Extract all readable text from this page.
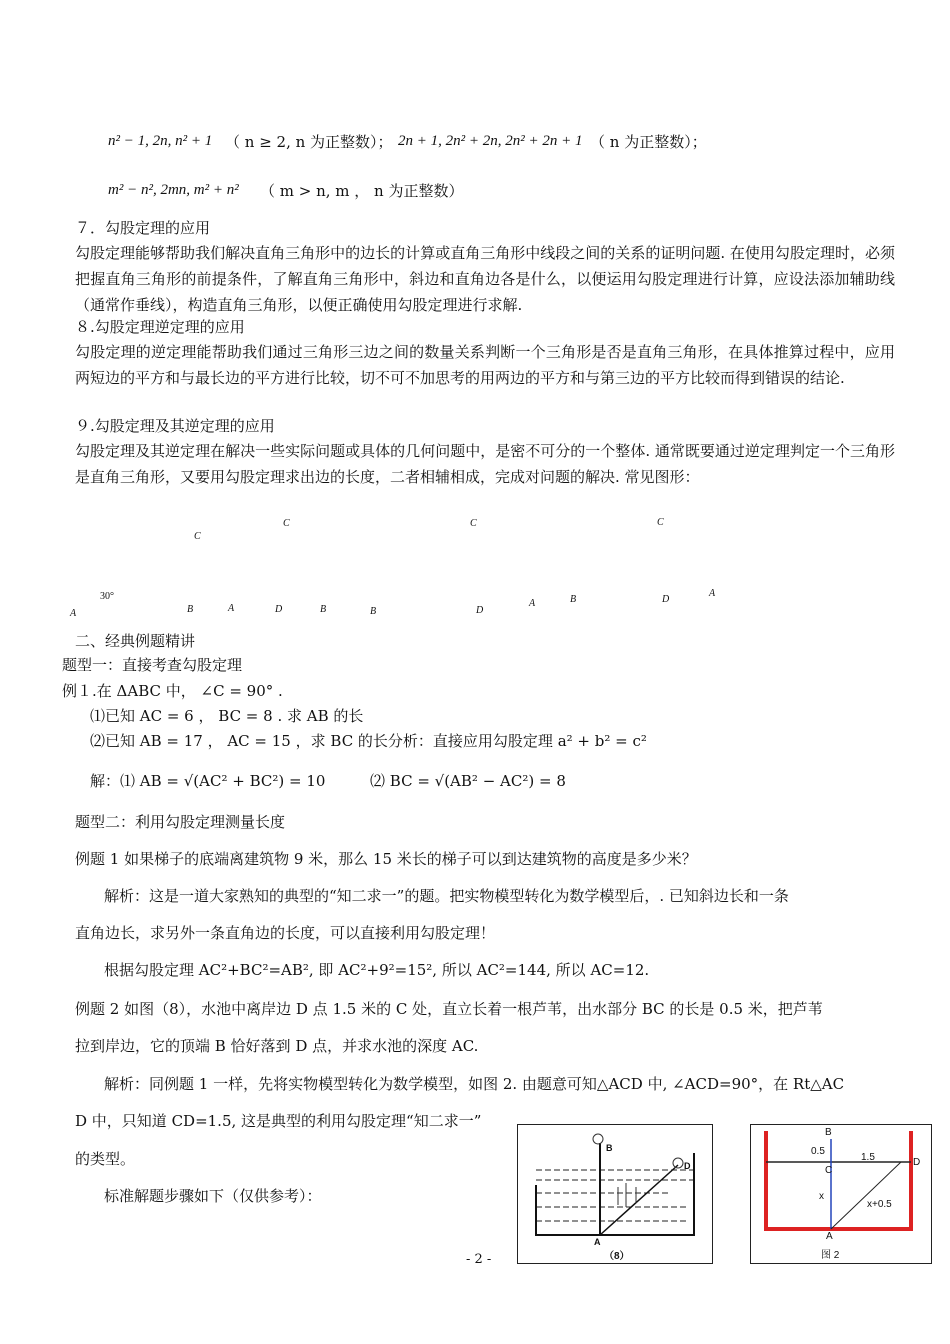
n² − 1, 2n, n² + 1 （ n ≥ 2, n 为正整数）； 2n + 1, 2n² + 2n, 2n² + 2n + 1 （ n 为正整数）；
m² − n², 2mn, m² + n² （ m > n, m ， n 为正整数）
７．勾股定理的应用
勾股定理能够帮助我们解决直角三角形中的边长的计算或直角三角形中线段之间的关系的证明问题. 在使用勾股定理时，必须把握直角三角形的前提条件，了解直角三角形中，斜边和直角边各是什么，以便运用勾股定理进行计算，应设法添加辅助线（通常作垂线），构造直角三角形，以便正确使用勾股定理进行求解.
８.勾股定理逆定理的应用
勾股定理的逆定理能帮助我们通过三角形三边之间的数量关系判断一个三角形是否是直角三角形，在具体推算过程中，应用两短边的平方和与最长边的平方进行比较，切不可不加思考的用两边的平方和与第三边的平方比较而得到错误的结论.
９.勾股定理及其逆定理的应用
勾股定理及其逆定理在解决一些实际问题或具体的几何问题中，是密不可分的一个整体. 通常既要通过逆定理判定一个三角形是直角三角形，又要用勾股定理求出边的长度，二者相辅相成，完成对问题的解决. 常见图形：
C
C	C	C
30°
A	B	A	D	B	B	D
A	B	D
A
二、经典例题精讲
题型一：直接考查勾股定理
例１.在 ΔABC 中， ∠C = 90° .
⑴已知 AC = 6 ， BC = 8 . 求 AB 的长
⑵已知 AB = 17 ， AC = 15 ，求 BC 的长分析：直接应用勾股定理 a² + b² = c²
解：⑴ AB = √(AC² + BC²) = 10	⑵ BC = √(AB² − AC²) = 8
题型二：利用勾股定理测量长度
例题 1 如果梯子的底端离建筑物 9 米，那么 15 米长的梯子可以到达建筑物的高度是多少米？
解析：这是一道大家熟知的典型的“知二求一”的题。把实物模型转化为数学模型后，. 已知斜边长和一条
直角边长，求另外一条直角边的长度，可以直接利用勾股定理！
根据勾股定理 AC²+BC²=AB², 即 AC²+9²=15², 所以 AC²=144, 所以 AC=12.
例题 2 如图（8），水池中离岸边 D 点 1.5 米的 C 处，直立长着一根芦苇，出水部分 BC 的长是 0.5 米，把芦苇
拉到岸边，它的顶端 B 恰好落到 D 点，并求水池的深度 AC.
解析：同例题 1 一样，先将实物模型转化为数学模型，如图 2. 由题意可知△ACD 中, ∠ACD=90°，在 Rt△AC
D 中，只知道 CD=1.5, 这是典型的利用勾股定理“知二求一”
的类型。
标准解题步骤如下（仅供参考）：
B
D
A
（8）
B
0.5
1.5
C
D
x
x+0.5
A
图 2
- 2 -
